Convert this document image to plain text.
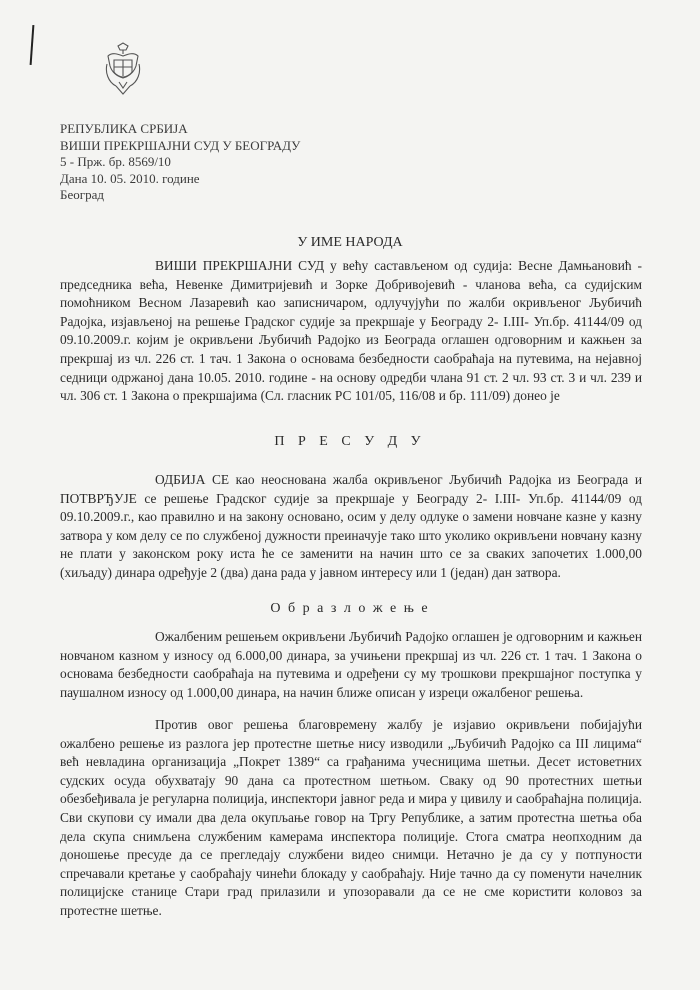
РЕПУБЛИКА СРБИЈА
ВИШИ ПРЕКРШАЈНИ СУД У БЕОГРАДУ
5 - Прж. бр. 8569/10
Дана 10. 05. 2010. године
Београд
У ИМЕ НАРОДА

ВИШИ ПРЕКРШАЈНИ СУД у већу састављеном од судија: Весне Дамњановић - председника већа, Невенке Димитријевић и Зорке Добривојевић - чланова већа, са судијским помоћником Весном Лазаревић као записничаром, одлучујући по жалби окривљеног Љубичић Радојка, изјављеној на решење Градског судије за прекршаје у Београду 2- I.III- Уп.бр. 41144/09 од 09.10.2009.г. којим је окривљени Љубичић Радојко из Београда оглашен одговорним и кажњен за прекршај из чл. 226 ст. 1 тач. 1 Закона о основама безбедности саобраћаја на путевима, на нејавној седници одржаној дана 10.05. 2010. године - на основу одредби члана 91 ст. 2 чл. 93 ст. 3 и чл. 239 и чл. 306 ст. 1 Закона о прекршајима (Сл. гласник РС 101/05, 116/08 и бр. 111/09) донео је

П Р Е С У Д У

ОДБИЈА СЕ као неоснована жалба окривљеног Љубичић Радојка из Београда и ПОТВРЂУЈЕ се решење Градског судије за прекршаје у Београду 2- I.III- Уп.бр. 41144/09 од 09.10.2009.г., као правилно и на закону основано, осим у делу одлуке о замени новчане казне у казну затвора у ком делу се по службеној дужности преиначује тако што уколико окривљени новчану казну не плати у законском року иста ће се заменити на начин што се за сваких започетих 1.000,00 (хиљаду) динара одређује 2 (два) дана рада у јавном интересу или 1 (један) дан затвора.

О б р а з л о ж е њ е

Ожалбеним решењем окривљени Љубичић Радојко оглашен је одговорним и кажњен новчаном казном у износу од 6.000,00 динара, за учињени прекршај из чл. 226 ст. 1 тач. 1 Закона о основама безбедности саобраћаја на путевима и одређени су му трошкови прекршајног поступка у паушалном износу од 1.000,00 динара, на начин ближе описан у изреци ожалбеног решења.

Против овог решења благовремену жалбу је изјавио окривљени побијајући ожалбено решење из разлога јер протестне шетње нису изводили „Љубичић Радојко са III лицима“ већ невладина организација „Покрет 1389“ са грађанима учесницима шетњи. Десет истоветних судских осуда обухватају 90 дана са протестном шетњом. Сваку од 90 протестних шетњи обезбеђивала је регуларна полиција, инспектори јавног реда и мира у цивилу и саобраћајна полиција. Сви скупови су имали два дела окупљање говор на Тргу Републике, а затим протестна шетња оба дела скупа снимљена службеним камерама инспектора полиције. Стога сматра неопходним да доношење пресуде да се прегледају службени видео снимци. Нетачно је да су у потпуности спречавали кретање у саобраћају чинећи блокаду у саобраћају. Није тачно да су поменути начелник полицијске станице Стари град прилазили и упозоравали да се не сме користити коловоз за протестне шетње.
